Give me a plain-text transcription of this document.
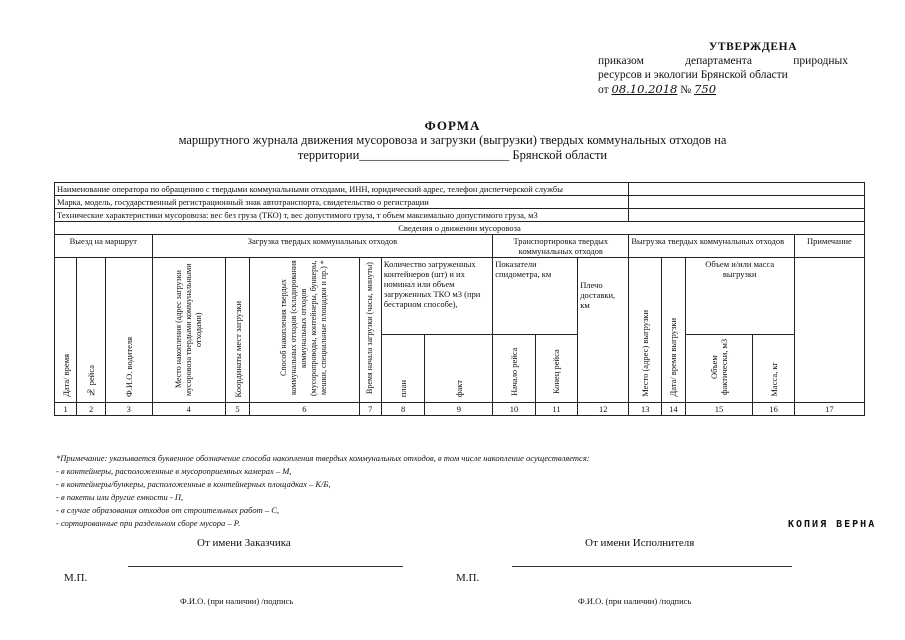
УТВЕРЖДЕНА
приказом	департамента	природных
ресурсов и экологии Брянской области
от 08.10.2018 № 750
ФОРМА
маршрутного журнала движения мусоровоза и загрузки (выгрузки) твердых коммунальных отходов на
территории________________________ Брянской области
Наименование оператора по обращению с твердыми коммунальными отходами, ИНН, юридический адрес, телефон диспетчерской службы																
Марка, модель, государственный регистрационный знак автотранспорта, свидетельство о регистрации																
Технические характеристики мусоровоза: вес без груза (ТКО) т, вес допустимого груза, т объем максимально допустимого груза, м3																
Сведения о движении мусоровоза																
Выезд на маршрут			Загрузка твердых коммунальных отходов						Транспортировка твердых коммунальных отходов			Выгрузка твердых коммунальных отходов				Примечание
Дата/ время	№ рейса	Ф.И.О. водителя	Место накопления (адрес загрузки мусоровоза твердыми коммунальными отходами)	Координаты мест загрузки	Способ накопления твердых коммунальных отходов (складирования коммунальных отходов (мусоропроводы, контейнеры, бункеры, мешки, специальные площадки и пр.) *	Время начала загрузки (часы, минуты)	Количество загруженных контейнеров (шт) и их номинал или объем загруженных ТКО м3 (при бестарном способе),		Показатели спидометра, км		Плечо доставки, км	Место (адрес) выгрузки	Дата/ время выгрузки	Объем и/или масса выгрузки		
							план	факт	Начало рейса	Конец рейса				Объем фактически, м3	Масса, кг	
1	2	3	4	5	6	7	8	9	10	11	12	13	14	15	16	17
*Примечание: указывается буквенное обозначение способа накопления твердых коммунальных отходов, в том числе накопление осуществляется:
- в контейнеры, расположенные в мусороприемных камерах – М,
- в контейнеры/бункеры, расположенные в контейнерных площадках – К/Б,
- в пакеты или другие емкости - П,
- в случае образования отходов от строительных работ – С,
- сортированные при раздельном сборе мусора – Р.	КОПИЯ ВЕРНА
От имени Заказчика	От имени Исполнителя
М.П.	М.П.
Ф.И.О. (при наличии) /подпись	Ф.И.О. (при наличии) /подпись
